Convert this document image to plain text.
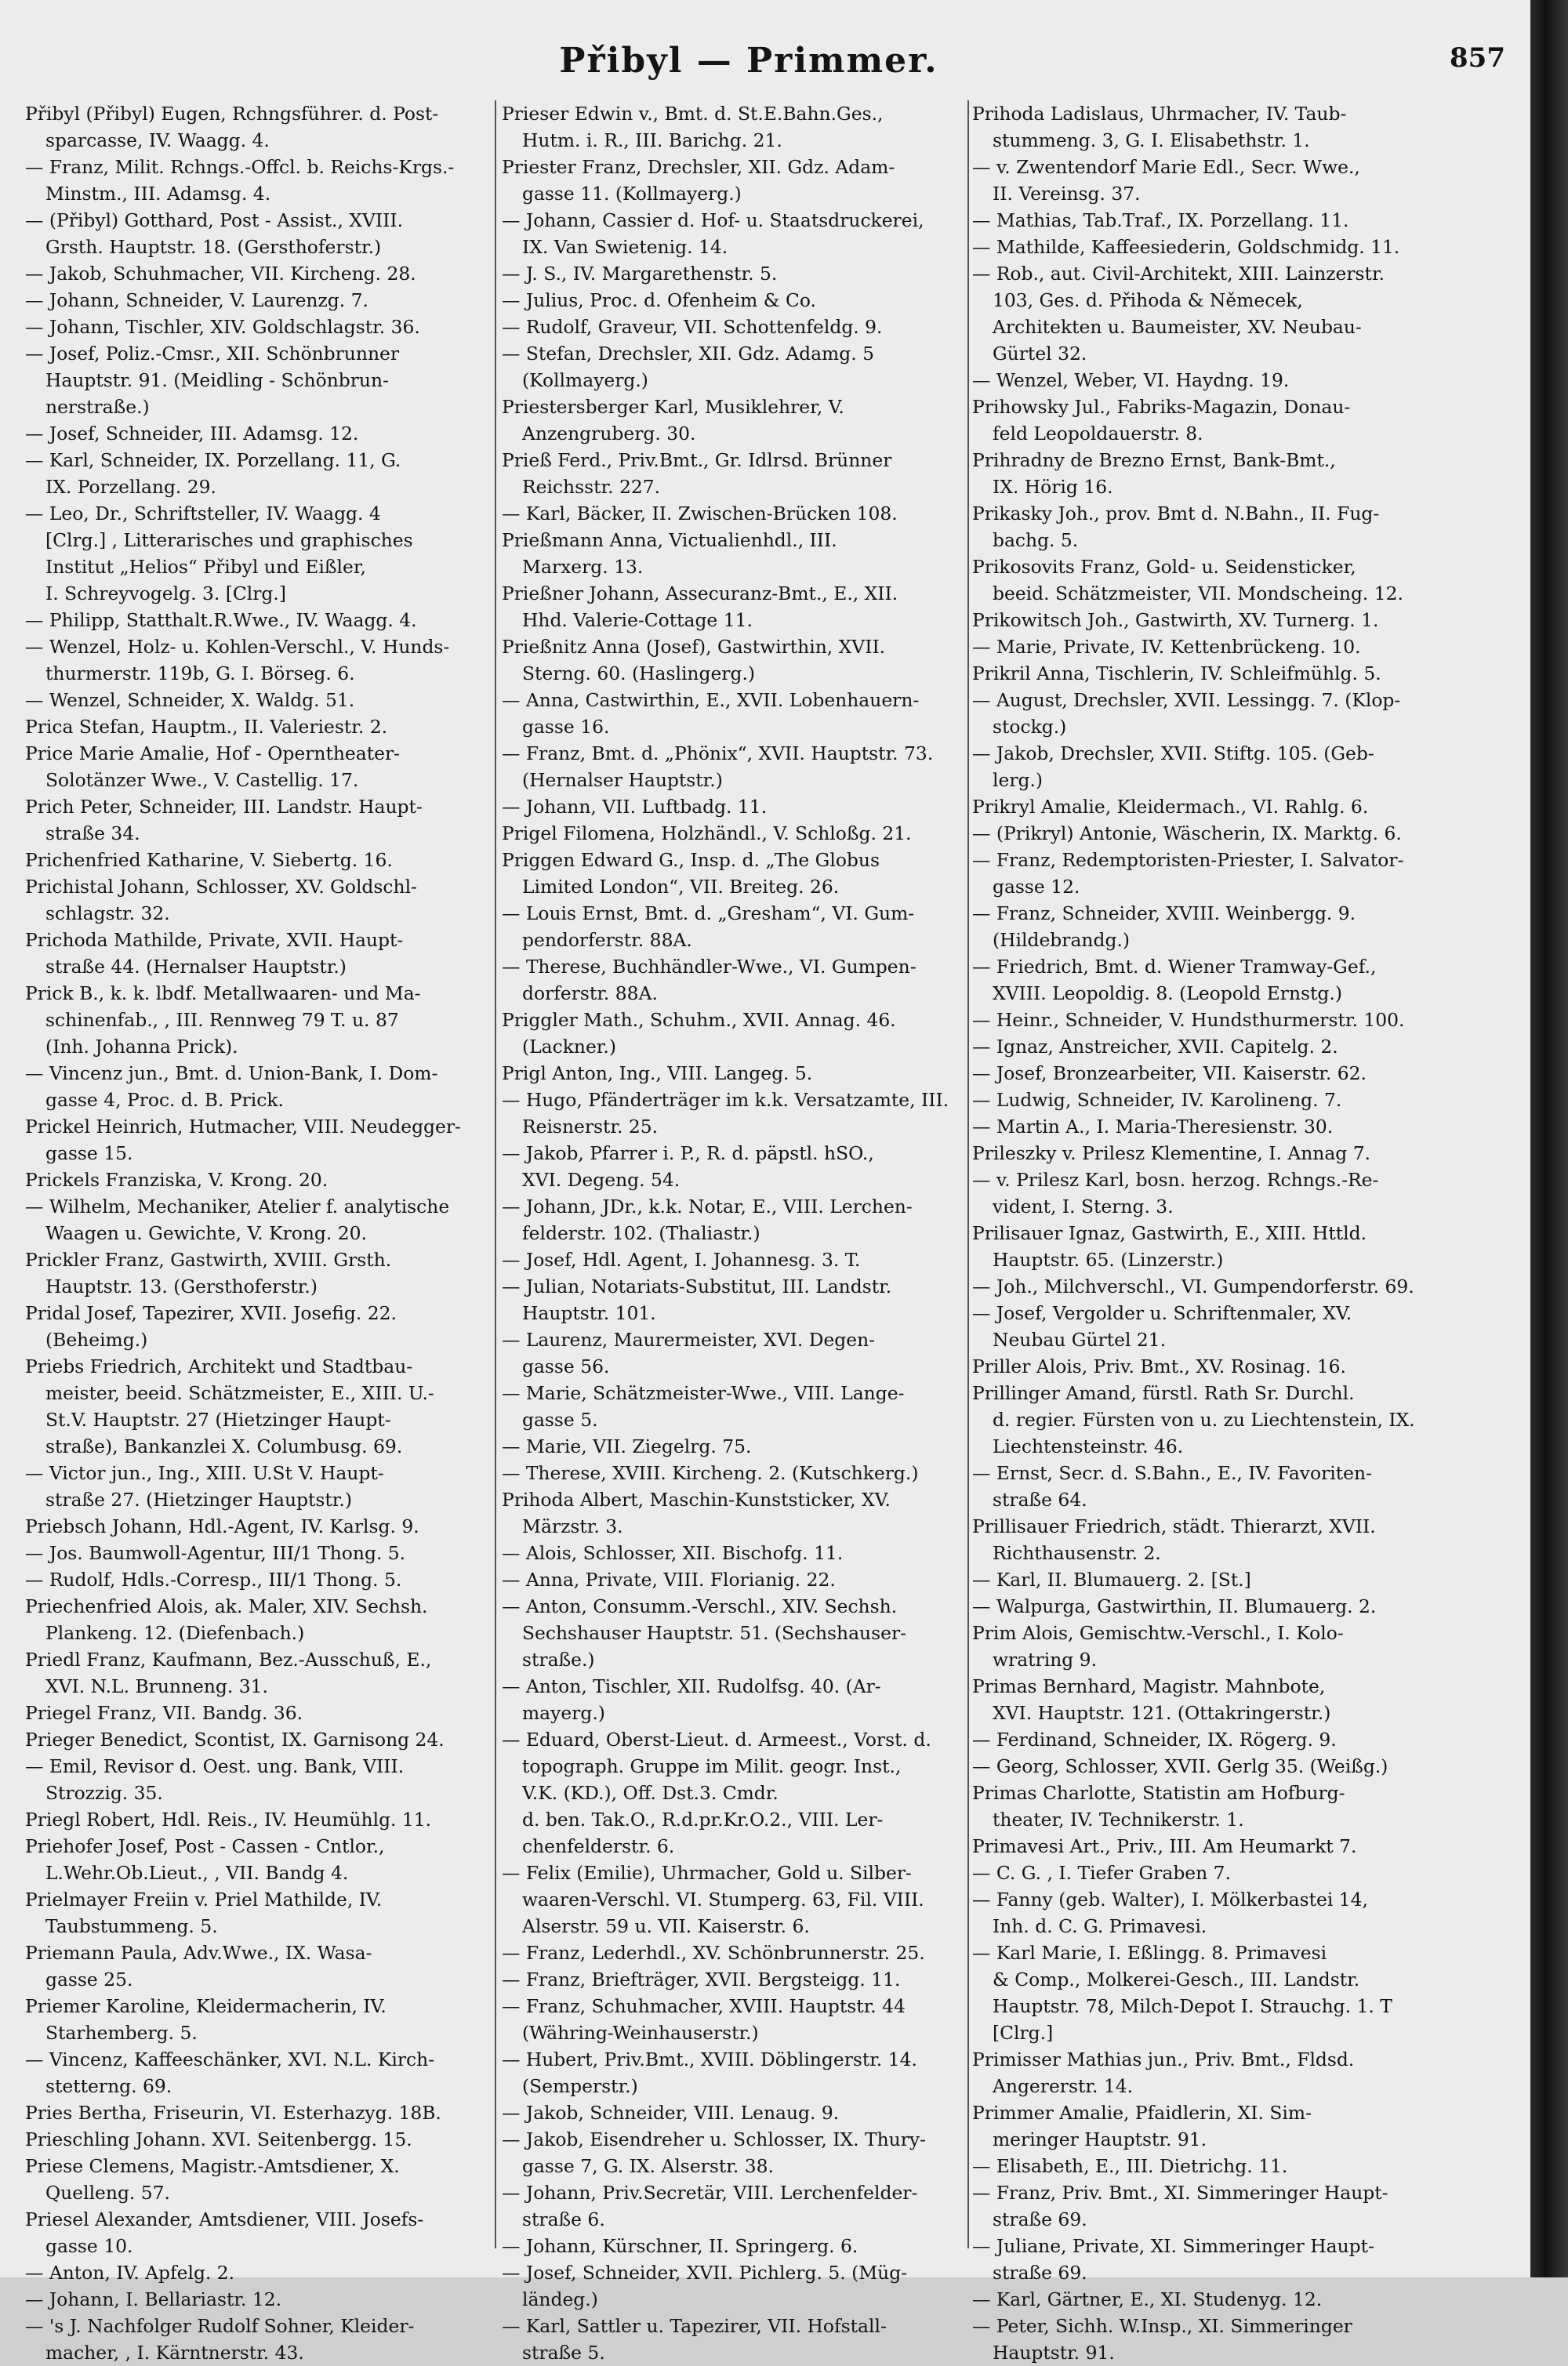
Přibyl — Primmer.	857
Přibyl (Přibyl) Eugen, Rchngsführer. d. Post-
sparcasse, IV. Waagg. 4.
— Franz, Milit. Rchngs.-Offcl. b. Reichs-Krgs.-
Minstm., III. Adamsg. 4.
— (Přibyl) Gotthard, Post - Assist., XVIII.
Grsth. Hauptstr. 18. (Gersthoferstr.)
— Jakob, Schuhmacher, VII. Kircheng. 28.
— Johann, Schneider, V. Laurenzg. 7.
— Johann, Tischler, XIV. Goldschlagstr. 36.
— Josef, Poliz.-Cmsr., XII. Schönbrunner
Hauptstr. 91. (Meidling - Schönbrun-
nerstraße.)
— Josef, Schneider, III. Adamsg. 12.
— Karl, Schneider, IX. Porzellang. 11, G.
IX. Porzellang. 29.
— Leo, Dr., Schriftsteller, IV. Waagg. 4
[Clrg.] , Litterarisches und graphisches
Institut „Helios“ Přibyl und Eißler,
I. Schreyvogelg. 3. [Clrg.]
— Philipp, Statthalt.R.Wwe., IV. Waagg. 4.
— Wenzel, Holz- u. Kohlen-Verschl., V. Hunds-
thurmerstr. 119b, G. I. Börseg. 6.
— Wenzel, Schneider, X. Waldg. 51.
Prica Stefan, Hauptm., II. Valeriestr. 2.
Price Marie Amalie, Hof - Operntheater-
Solotänzer Wwe., V. Castellig. 17.
Prich Peter, Schneider, III. Landstr. Haupt-
straße 34.
Prichenfried Katharine, V. Siebertg. 16.
Prichistal Johann, Schlosser, XV. Goldschl-
schlagstr. 32.
Prichoda Mathilde, Private, XVII. Haupt-
straße 44. (Hernalser Hauptstr.)
Prick B., k. k. lbdf. Metallwaaren- und Ma-
schinenfab., , III. Rennweg 79 T. u. 87
(Inh. Johanna Prick).
— Vincenz jun., Bmt. d. Union-Bank, I. Dom-
gasse 4, Proc. d. B. Prick.
Prickel Heinrich, Hutmacher, VIII. Neudegger-
gasse 15.
Prickels Franziska, V. Krong. 20.
— Wilhelm, Mechaniker, Atelier f. analytische
Waagen u. Gewichte, V. Krong. 20.
Prickler Franz, Gastwirth, XVIII. Grsth.
Hauptstr. 13. (Gersthoferstr.)
Pridal Josef, Tapezirer, XVII. Josefig. 22.
(Beheimg.)
Priebs Friedrich, Architekt und Stadtbau-
meister, beeid. Schätzmeister, E., XIII. U.-
St.V. Hauptstr. 27 (Hietzinger Haupt-
straße), Bankanzlei X. Columbusg. 69.
— Victor jun., Ing., XIII. U.St V. Haupt-
straße 27. (Hietzinger Hauptstr.)
Priebsch Johann, Hdl.-Agent, IV. Karlsg. 9.
— Jos. Baumwoll-Agentur, III/1 Thong. 5.
— Rudolf, Hdls.-Corresp., III/1 Thong. 5.
Priechenfried Alois, ak. Maler, XIV. Sechsh.
Plankeng. 12. (Diefenbach.)
Priedl Franz, Kaufmann, Bez.-Ausschuß, E.,
XVI. N.L. Brunneng. 31.
Priegel Franz, VII. Bandg. 36.
Prieger Benedict, Scontist, IX. Garnisong 24.
— Emil, Revisor d. Oest. ung. Bank, VIII.
Strozzig. 35.
Priegl Robert, Hdl. Reis., IV. Heumühlg. 11.
Priehofer Josef, Post - Cassen - Cntlor.,
L.Wehr.Ob.Lieut., , VII. Bandg 4.
Prielmayer Freiin v. Priel Mathilde, IV.
Taubstummeng. 5.
Priemann Paula, Adv.Wwe., IX. Wasa-
gasse 25.
Priemer Karoline, Kleidermacherin, IV.
Starhemberg. 5.
— Vincenz, Kaffeeschänker, XVI. N.L. Kirch-
stetterng. 69.
Pries Bertha, Friseurin, VI. Esterhazyg. 18B.
Prieschling Johann. XVI. Seitenbergg. 15.
Priese Clemens, Magistr.-Amtsdiener, X.
Quelleng. 57.
Priesel Alexander, Amtsdiener, VIII. Josefs-
gasse 10.
— Anton, IV. Apfelg. 2.
— Johann, I. Bellariastr. 12.
— 's J. Nachfolger Rudolf Sohner, Kleider-
macher, , I. Kärntnerstr. 43.
Prieser Edwin v., Bmt. d. St.E.Bahn.Ges.,
Hutm. i. R., III. Barichg. 21.
Priester Franz, Drechsler, XII. Gdz. Adam-
gasse 11. (Kollmayerg.)
— Johann, Cassier d. Hof- u. Staatsdruckerei,
IX. Van Swietenig. 14.
— J. S., IV. Margarethenstr. 5.
— Julius, Proc. d. Ofenheim & Co.
— Rudolf, Graveur, VII. Schottenfeldg. 9.
— Stefan, Drechsler, XII. Gdz. Adamg. 5
(Kollmayerg.)
Priestersberger Karl, Musiklehrer, V.
Anzengruberg. 30.
Prieß Ferd., Priv.Bmt., Gr. Idlrsd. Brünner
Reichsstr. 227.
— Karl, Bäcker, II. Zwischen-Brücken 108.
Prießmann Anna, Victualienhdl., III.
Marxerg. 13.
Prießner Johann, Assecuranz-Bmt., E., XII.
Hhd. Valerie-Cottage 11.
Prießnitz Anna (Josef), Gastwirthin, XVII.
Sterng. 60. (Haslingerg.)
— Anna, Castwirthin, E., XVII. Lobenhauern-
gasse 16.
— Franz, Bmt. d. „Phönix“, XVII. Hauptstr. 73.
(Hernalser Hauptstr.)
— Johann, VII. Luftbadg. 11.
Prigel Filomena, Holzhändl., V. Schloßg. 21.
Priggen Edward G., Insp. d. „The Globus
Limited London“, VII. Breiteg. 26.
— Louis Ernst, Bmt. d. „Gresham“, VI. Gum-
pendorferstr. 88A.
— Therese, Buchhändler-Wwe., VI. Gumpen-
dorferstr. 88A.
Priggler Math., Schuhm., XVII. Annag. 46.
(Lackner.)
Prigl Anton, Ing., VIII. Langeg. 5.
— Hugo, Pfänderträger im k.k. Versatzamte, III.
Reisnerstr. 25.
— Jakob, Pfarrer i. P., R. d. päpstl. hSO.,
XVI. Degeng. 54.
— Johann, JDr., k.k. Notar, E., VIII. Lerchen-
felderstr. 102. (Thaliastr.)
— Josef, Hdl. Agent, I. Johannesg. 3. T.
— Julian, Notariats-Substitut, III. Landstr.
Hauptstr. 101.
— Laurenz, Maurermeister, XVI. Degen-
gasse 56.
— Marie, Schätzmeister-Wwe., VIII. Lange-
gasse 5.
— Marie, VII. Ziegelrg. 75.
— Therese, XVIII. Kircheng. 2. (Kutschkerg.)
Prihoda Albert, Maschin-Kunststicker, XV.
Märzstr. 3.
— Alois, Schlosser, XII. Bischofg. 11.
— Anna, Private, VIII. Florianig. 22.
— Anton, Consumm.-Verschl., XIV. Sechsh.
Sechshauser Hauptstr. 51. (Sechshauser-
straße.)
— Anton, Tischler, XII. Rudolfsg. 40. (Ar-
mayerg.)
— Eduard, Oberst-Lieut. d. Armeest., Vorst. d.
topograph. Gruppe im Milit. geogr. Inst.,
V.K. (KD.), Off. Dst.3. Cmdr.
d. ben. Tak.O., R.d.pr.Kr.O.2., VIII. Ler-
chenfelderstr. 6.
— Felix (Emilie), Uhrmacher, Gold u. Silber-
waaren-Verschl. VI. Stumperg. 63, Fil. VIII.
Alserstr. 59 u. VII. Kaiserstr. 6.
— Franz, Lederhdl., XV. Schönbrunnerstr. 25.
— Franz, Briefträger, XVII. Bergsteigg. 11.
— Franz, Schuhmacher, XVIII. Hauptstr. 44
(Währing-Weinhauserstr.)
— Hubert, Priv.Bmt., XVIII. Döblingerstr. 14.
(Semperstr.)
— Jakob, Schneider, VIII. Lenaug. 9.
— Jakob, Eisendreher u. Schlosser, IX. Thury-
gasse 7, G. IX. Alserstr. 38.
— Johann, Priv.Secretär, VIII. Lerchenfelder-
straße 6.
— Johann, Kürschner, II. Springerg. 6.
— Josef, Schneider, XVII. Pichlerg. 5. (Müg-
ländeg.)
— Karl, Sattler u. Tapezirer, VII. Hofstall-
straße 5.
Prihoda Ladislaus, Uhrmacher, IV. Taub-
stummeng. 3, G. I. Elisabethstr. 1.
— v. Zwentendorf Marie Edl., Secr. Wwe.,
II. Vereinsg. 37.
— Mathias, Tab.Traf., IX. Porzellang. 11.
— Mathilde, Kaffeesiederin, Goldschmidg. 11.
— Rob., aut. Civil-Architekt, XIII. Lainzerstr.
103, Ges. d. Přihoda & Němecek,
Architekten u. Baumeister, XV. Neubau-
Gürtel 32.
— Wenzel, Weber, VI. Haydng. 19.
Prihowsky Jul., Fabriks-Magazin, Donau-
feld Leopoldauerstr. 8.
Prihradny de Brezno Ernst, Bank-Bmt.,
IX. Hörig 16.
Prikasky Joh., prov. Bmt d. N.Bahn., II. Fug-
bachg. 5.
Prikosovits Franz, Gold- u. Seidensticker,
beeid. Schätzmeister, VII. Mondscheing. 12.
Prikowitsch Joh., Gastwirth, XV. Turnerg. 1.
— Marie, Private, IV. Kettenbrückeng. 10.
Prikril Anna, Tischlerin, IV. Schleifmühlg. 5.
— August, Drechsler, XVII. Lessingg. 7. (Klop-
stockg.)
— Jakob, Drechsler, XVII. Stiftg. 105. (Geb-
lerg.)
Prikryl Amalie, Kleidermach., VI. Rahlg. 6.
— (Prikryl) Antonie, Wäscherin, IX. Marktg. 6.
— Franz, Redemptoristen-Priester, I. Salvator-
gasse 12.
— Franz, Schneider, XVIII. Weinbergg. 9.
(Hildebrandg.)
— Friedrich, Bmt. d. Wiener Tramway-Gef.,
XVIII. Leopoldig. 8. (Leopold Ernstg.)
— Heinr., Schneider, V. Hundsthurmerstr. 100.
— Ignaz, Anstreicher, XVII. Capitelg. 2.
— Josef, Bronzearbeiter, VII. Kaiserstr. 62.
— Ludwig, Schneider, IV. Karolineng. 7.
— Martin A., I. Maria-Theresienstr. 30.
Prileszky v. Prilesz Klementine, I. Annag 7.
— v. Prilesz Karl, bosn. herzog. Rchngs.-Re-
vident, I. Sterng. 3.
Prilisauer Ignaz, Gastwirth, E., XIII. Httld.
Hauptstr. 65. (Linzerstr.)
— Joh., Milchverschl., VI. Gumpendorferstr. 69.
— Josef, Vergolder u. Schriftenmaler, XV.
Neubau Gürtel 21.
Priller Alois, Priv. Bmt., XV. Rosinag. 16.
Prillinger Amand, fürstl. Rath Sr. Durchl.
d. regier. Fürsten von u. zu Liechtenstein, IX.
Liechtensteinstr. 46.
— Ernst, Secr. d. S.Bahn., E., IV. Favoriten-
straße 64.
Prillisauer Friedrich, städt. Thierarzt, XVII.
Richthausenstr. 2.
— Karl, II. Blumauerg. 2. [St.]
— Walpurga, Gastwirthin, II. Blumauerg. 2.
Prim Alois, Gemischtw.-Verschl., I. Kolo-
wratring 9.
Primas Bernhard, Magistr. Mahnbote,
XVI. Hauptstr. 121. (Ottakringerstr.)
— Ferdinand, Schneider, IX. Rögerg. 9.
— Georg, Schlosser, XVII. Gerlg 35. (Weißg.)
Primas Charlotte, Statistin am Hofburg-
theater, IV. Technikerstr. 1.
Primavesi Art., Priv., III. Am Heumarkt 7.
— C. G. , I. Tiefer Graben 7.
— Fanny (geb. Walter), I. Mölkerbastei 14,
Inh. d. C. G. Primavesi.
— Karl Marie, I. Eßlingg. 8. Primavesi
& Comp., Molkerei-Gesch., III. Landstr.
Hauptstr. 78, Milch-Depot I. Strauchg. 1. T
[Clrg.]
Primisser Mathias jun., Priv. Bmt., Fldsd.
Angererstr. 14.
Primmer Amalie, Pfaidlerin, XI. Sim-
meringer Hauptstr. 91.
— Elisabeth, E., III. Dietrichg. 11.
— Franz, Priv. Bmt., XI. Simmeringer Haupt-
straße 69.
— Juliane, Private, XI. Simmeringer Haupt-
straße 69.
— Karl, Gärtner, E., XI. Studenyg. 12.
— Peter, Sichh. W.Insp., XI. Simmeringer
Hauptstr. 91.
